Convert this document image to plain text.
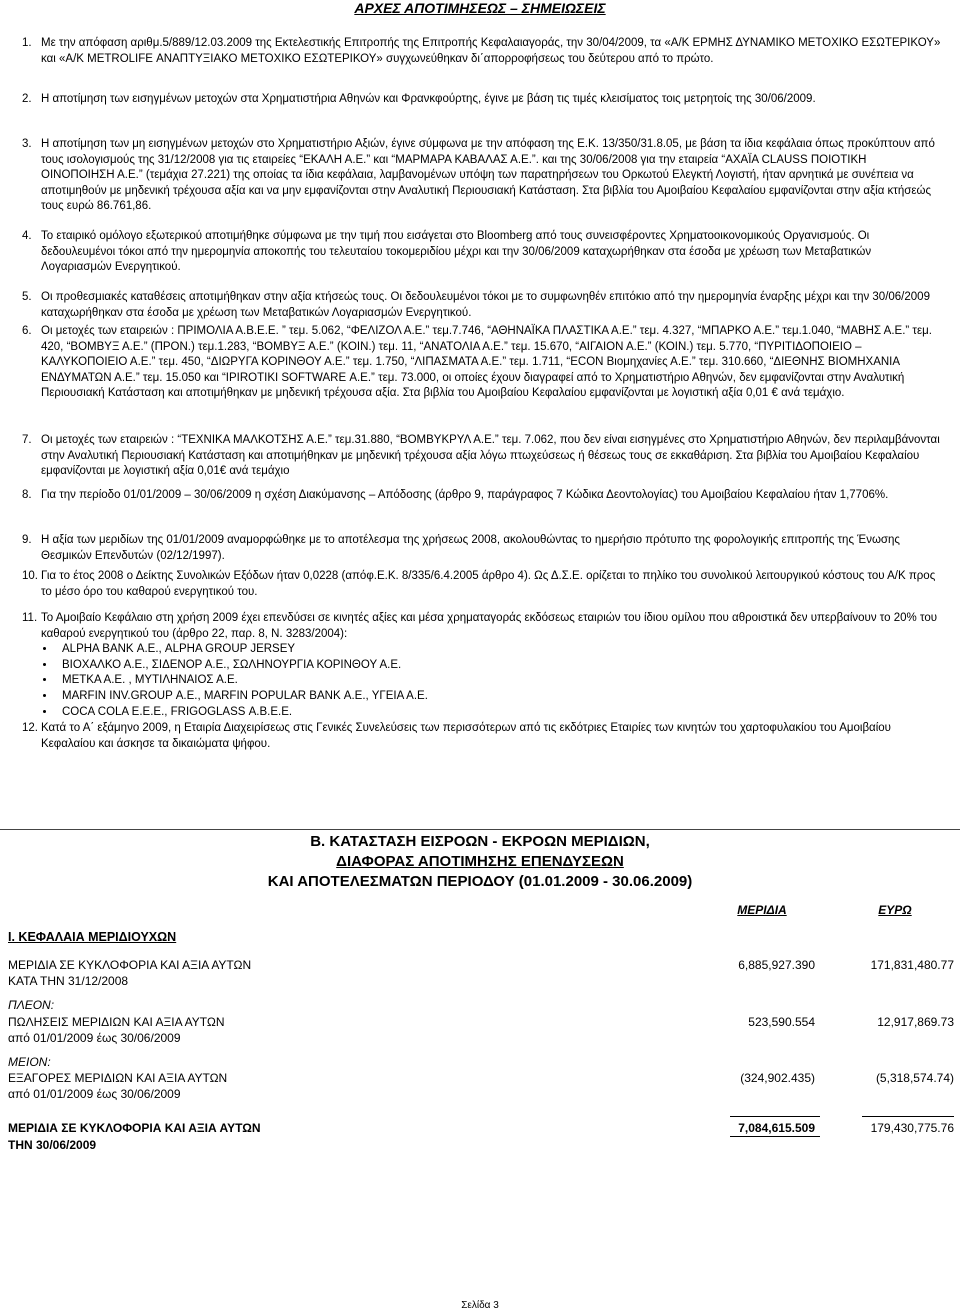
ΑΡΧΕΣ ΑΠΟΤΙΜΗΣΕΩΣ – ΣΗΜΕΙΩΣΕΙΣ
1. Με την απόφαση αριθμ.5/889/12.03.2009 της Εκτελεστικής Επιτροπής της Επιτροπής Κεφαλαιαγοράς, την 30/04/2009, τα «Α/Κ ΕΡΜΗΣ ΔΥΝΑΜΙΚΟ ΜΕΤΟΧΙΚΟ ΕΣΩΤΕΡΙΚΟΥ» και «Α/Κ METROLIFE ΑΝΑΠΤΥΞΙΑΚΟ ΜΕΤΟΧΙΚΟ ΕΣΩΤΕΡΙΚΟΥ» συγχωνεύθηκαν δι΄απορροφήσεως του δεύτερου από το πρώτο.
2. Η αποτίμηση των εισηγμένων μετοχών στα Χρηματιστήρια Αθηνών και Φρανκφούρτης, έγινε με βάση τις τιμές κλεισίματος τοις μετρητοίς της 30/06/2009.
3. Η αποτίμηση των μη εισηγμένων μετοχών στο Χρηματιστήριο Αξιών, έγινε σύμφωνα με την απόφαση της Ε.Κ. 13/350/31.8.05, με βάση τα ίδια κεφάλαια όπως προκύπτουν από τους ισολογισμούς της 31/12/2008 για τις εταιρείες “ΕΚΑΛΗ Α.Ε.” και “ΜΑΡΜΑΡΑ ΚΑΒΑΛΑΣ Α.Ε.”. και της 30/06/2008 για την εταιρεία “ΑΧΑΪΑ CLAUSS ΠΟΙΟΤΙΚΗ ΟΙΝΟΠΟΙΗΣΗ Α.Ε.” (τεμάχια 27.221) της οποίας τα ίδια κεφάλαια, λαμβανομένων υπόψη των παρατηρήσεων του Ορκωτού Ελεγκτή Λογιστή, ήταν αρνητικά με συνέπεια να αποτιμηθούν με μηδενική τρέχουσα αξία και να μην εμφανίζονται στην Αναλυτική Περιουσιακή Κατάσταση. Στα βιβλία του Αμοιβαίου Κεφαλαίου εμφανίζονται στην αξία κτήσεώς τους ευρώ 86.761,86.
4. Το εταιρικό ομόλογο εξωτερικού αποτιμήθηκε σύμφωνα με την τιμή που εισάγεται στο Bloomberg από τους συνεισφέροντες Χρηματοοικονομικούς Οργανισμούς. Οι δεδουλευμένοι τόκοι από την ημερομηνία αποκοπής του τελευταίου τοκομεριδίου μέχρι και την 30/06/2009 καταχωρήθηκαν στα έσοδα με χρέωση των Μεταβατικών Λογαριασμών Ενεργητικού.
5. Οι προθεσμιακές καταθέσεις αποτιμήθηκαν στην αξία κτήσεώς τους. Οι δεδουλευμένοι τόκοι με το συμφωνηθέν επιτόκιο από την ημερομηνία έναρξης μέχρι και την 30/06/2009 καταχωρήθηκαν στα έσοδα με χρέωση των Μεταβατικών Λογαριασμών Ενεργητικού.
6. Οι μετοχές των εταιρειών : ΠΡΙΜΟΛΙΑ Α.Β.Ε.Ε. ” τεμ. 5.062, “ΦΕΛΙΖΟΛ Α.Ε.” τεμ.7.746, “ΑΘΗΝΑΪΚΑ ΠΛΑΣΤΙΚΑ Α.Ε.” τεμ. 4.327, “ΜΠΑΡΚΟ Α.Ε.” τεμ.1.040, “ΜΑΒΗΣ Α.Ε.” τεμ. 420, “ΒΟΜΒΥΞ Α.Ε.” (ΠΡΟΝ.) τεμ.1.283, “ΒΟΜΒΥΞ Α.Ε.” (ΚΟΙΝ.) τεμ. 11, “ΑΝΑΤΟΛΙΑ Α.Ε.” τεμ. 15.670, “ΑΙΓΑΙΟΝ Α.Ε.” (ΚΟΙΝ.) τεμ. 5.770, “ΠΥΡΙΤΙΔΟΠΟΙΕΙΟ – ΚΑΛΥΚΟΠΟΙΕΙΟ Α.Ε.” τεμ. 450, “ΔΙΩΡΥΓΑ ΚΟΡΙΝΘΟΥ Α.Ε.” τεμ. 1.750, “ΛΙΠΑΣΜΑΤΑ Α.Ε.” τεμ. 1.711, “ΕCON Βιομηχανίες Α.Ε.” τεμ. 310.660, “ΔΙΕΘΝΗΣ ΒΙΟΜΗΧΑΝΙΑ ΕΝΔΥΜΑΤΩΝ Α.Ε.” τεμ. 15.050 και “IPIROTIKI SOFTWARE Α.Ε.” τεμ. 73.000, οι οποίες έχουν διαγραφεί από το Χρηματιστήριο Αθηνών, δεν εμφανίζονται στην Αναλυτική Περιουσιακή Κατάσταση και αποτιμήθηκαν με μηδενική τρέχουσα αξία. Στα βιβλία του Αμοιβαίου Κεφαλαίου εμφανίζονται με λογιστική αξία 0,01 € ανά τεμάχιο.
7. Οι μετοχές των εταιρειών : “ΤΕΧΝΙΚΑ ΜΑΛΚΟΤΣΗΣ Α.Ε.” τεμ.31.880, “ΒΟΜΒΥΚΡΥΛ Α.Ε.” τεμ. 7.062, που δεν είναι εισηγμένες στο Χρηματιστήριο Αθηνών, δεν περιλαμβάνονται στην Αναλυτική Περιουσιακή Κατάσταση και αποτιμήθηκαν με μηδενική τρέχουσα αξία λόγω πτωχεύσεως ή θέσεως τους σε εκκαθάριση. Στα βιβλία του Αμοιβαίου Κεφαλαίου εμφανίζονται με λογιστική αξία 0,01€ ανά τεμάχιο
8. Για την περίοδο 01/01/2009 – 30/06/2009 η σχέση Διακύμανσης – Απόδοσης (άρθρο 9, παράγραφος 7 Κώδικα Δεοντολογίας) του Αμοιβαίου Κεφαλαίου ήταν 1,7706%.
9. Η αξία των μεριδίων της 01/01/2009 αναμορφώθηκε με το αποτέλεσμα της χρήσεως 2008, ακολουθώντας το ημερήσιο πρότυπο της φορολογικής επιτροπής της Ένωσης Θεσμικών Επενδυτών (02/12/1997).
10. Για το έτος 2008 ο Δείκτης Συνολικών Εξόδων ήταν 0,0228 (απόφ.Ε.Κ. 8/335/6.4.2005 άρθρο 4). Ως Δ.Σ.Ε. ορίζεται το πηλίκο του συνολικού λειτουργικού κόστους του Α/Κ προς το μέσο όρο του καθαρού ενεργητικού του.
11. Το Αμοιβαίο Κεφάλαιο στη χρήση 2009 έχει επενδύσει σε κινητές αξίες και μέσα χρηματαγοράς εκδόσεως εταιριών του ίδιου ομίλου που αθροιστικά δεν υπερβαίνουν το 20% του καθαρού ενεργητικού του (άρθρο 22, παρ. 8, Ν. 3283/2004):
• ALPHA BANK Α.Ε., ALPHA GROUP JERSEY
• ΒΙΟΧΑΛΚΟ Α.Ε., ΣΙΔΕΝΟΡ Α.Ε., ΣΩΛΗΝΟΥΡΓΙΑ ΚΟΡΙΝΘΟΥ Α.Ε.
• ΜΕΤΚΑ Α.Ε. , ΜΥΤΙΛΗΝΑΙΟΣ Α.Ε.
• MARFIN INV.GROUP Α.Ε., MARFIN POPULAR BANK Α.Ε., ΥΓΕΙΑ Α.Ε.
• COCA COLA Ε.Ε.Ε., FRIGOGLASS Α.Β.Ε.Ε.
12. Κατά το Α΄ εξάμηνο 2009, η Εταιρία Διαχειρίσεως στις Γενικές Συνελεύσεις των περισσότερων από τις εκδότριες Εταιρίες των κινητών του χαρτοφυλακίου του Αμοιβαίου Κεφαλαίου και άσκησε τα δικαιώματα ψήφου.
Β. ΚΑΤΑΣΤΑΣΗ ΕΙΣΡΟΩΝ - ΕΚΡΟΩΝ ΜΕΡΙΔΙΩΝ,
ΔΙΑΦΟΡΑΣ ΑΠΟΤΙΜΗΣΗΣ ΕΠΕΝΔΥΣΕΩΝ
ΚΑΙ ΑΠΟΤΕΛΕΣΜΑΤΩΝ ΠΕΡΙΟΔΟΥ (01.01.2009 - 30.06.2009)
ΜΕΡΙΔΙΑ	ΕΥΡΩ
Ι. ΚΕΦΑΛΑΙΑ ΜΕΡΙΔΙΟΥΧΩΝ
ΜΕΡΙΔΙΑ ΣΕ ΚΥΚΛΟΦΟΡΙΑ ΚΑΙ ΑΞΙΑ ΑΥΤΩΝ
ΚΑΤΑ ΤΗΝ 31/12/2008
6,885,927.390	171,831,480.77
ΠΛΕΟΝ:
ΠΩΛΗΣΕΙΣ ΜΕΡΙΔΙΩΝ ΚΑΙ ΑΞΙΑ ΑΥΤΩΝ
από 01/01/2009 έως 30/06/2009
523,590.554	12,917,869.73
ΜΕΙΟΝ:
ΕΞΑΓΟΡΕΣ ΜΕΡΙΔΙΩΝ ΚΑΙ ΑΞΙΑ ΑΥΤΩΝ
από 01/01/2009 έως 30/06/2009
(324,902.435)	(5,318,574.74)
ΜΕΡΙΔΙΑ ΣΕ ΚΥΚΛΟΦΟΡΙΑ ΚΑΙ ΑΞΙΑ ΑΥΤΩΝ
ΤΗΝ 30/06/2009
7,084,615.509	179,430,775.76
Σελίδα 3
